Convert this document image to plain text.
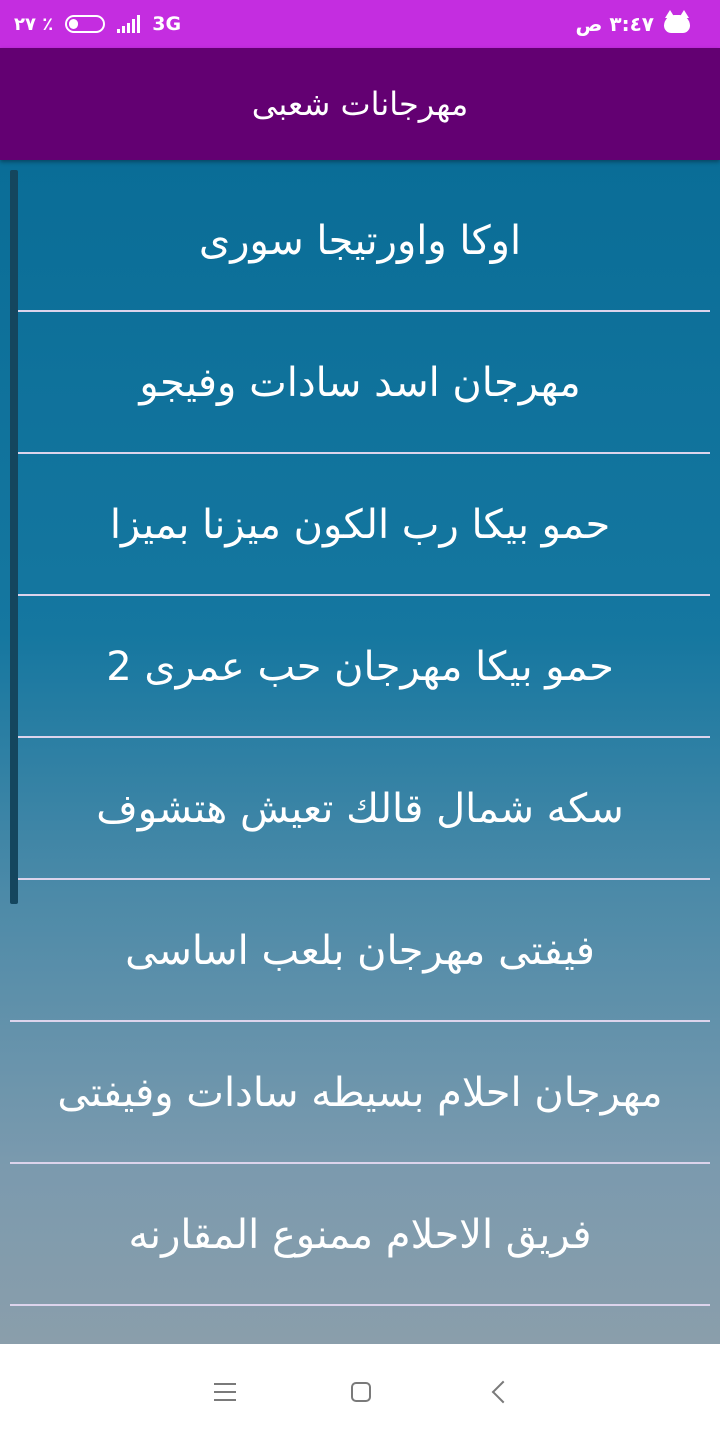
٢٧ ٪	3G	٣:٤٧ ص
مهرجانات شعبى
اوكا واورتيجا سورى
مهرجان اسد سادات وفيجو
حمو بيكا رب الكون ميزنا بميزا
حمو بيكا مهرجان حب عمرى 2
سكه شمال قالك تعيش هتشوف
فيفتى مهرجان بلعب اساسى
مهرجان احلام بسيطه سادات وفيفتى
فريق الاحلام ممنوع المقارنه
